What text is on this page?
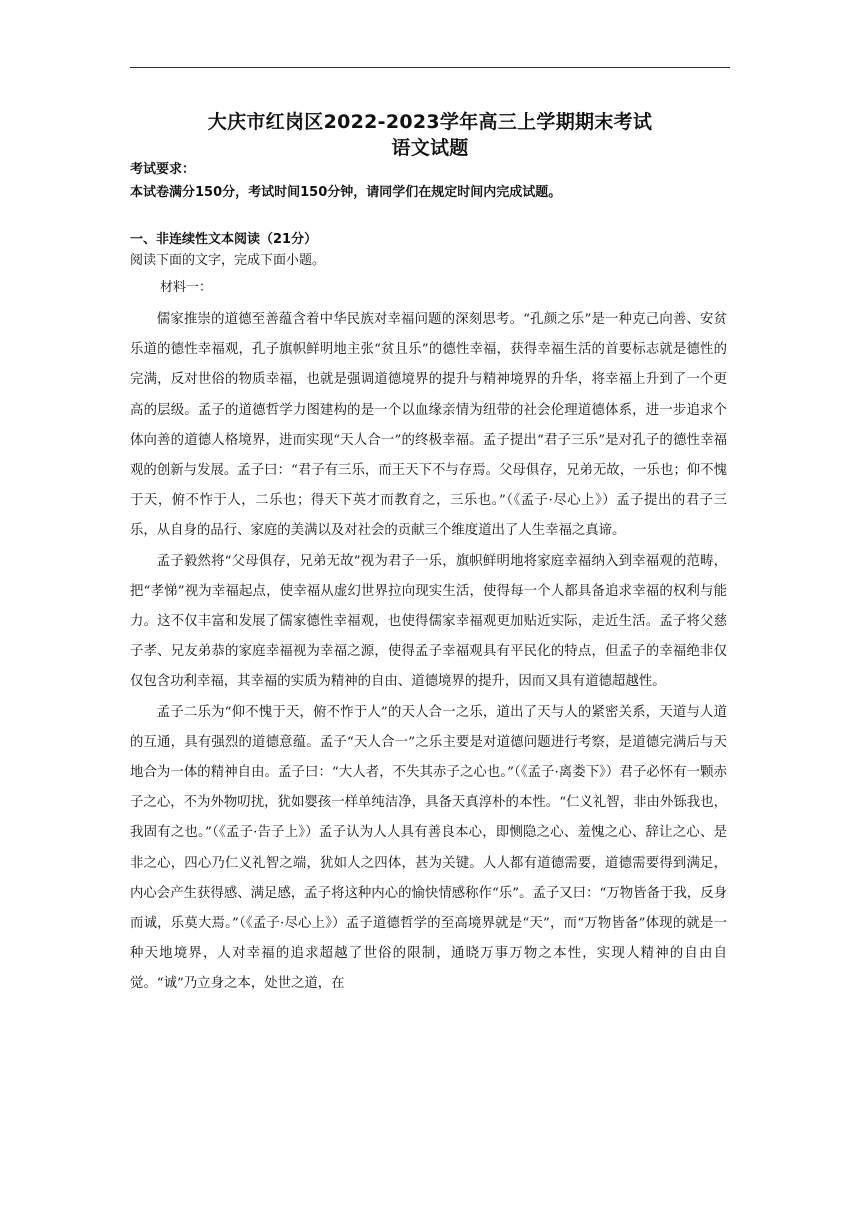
大庆市红岗区2022-2023学年高三上学期期末考试
语文试题

考试要求：

本试卷满分150分，考试时间150分钟，请同学们在规定时间内完成试题。

一、非连续性文本阅读（21分）

阅读下面的文字，完成下面小题。

材料一：

儒家推崇的道德至善蕴含着中华民族对幸福问题的深刻思考。“孔颜之乐”是一种克己向善、安贫乐道的德性幸福观，孔子旗帜鲜明地主张“贫且乐”的德性幸福，获得幸福生活的首要标志就是德性的完满，反对世俗的物质幸福，也就是强调道德境界的提升与精神境界的升华，将幸福上升到了一个更高的层级。孟子的道德哲学力图建构的是一个以血缘亲情为纽带的社会伦理道德体系，进一步追求个体向善的道德人格境界，进而实现“天人合一”的终极幸福。孟子提出“君子三乐”是对孔子的德性幸福观的创新与发展。孟子曰：“君子有三乐，而王天下不与存焉。父母俱存，兄弟无故，一乐也；仰不愧于天，俯不怍于人，二乐也；得天下英才而教育之，三乐也。”（《孟子·尽心上》）孟子提出的君子三乐，从自身的品行、家庭的美满以及对社会的贡献三个维度道出了人生幸福之真谛。

孟子毅然将“父母俱存，兄弟无故”视为君子一乐，旗帜鲜明地将家庭幸福纳入到幸福观的范畴，把“孝悌”视为幸福起点，使幸福从虚幻世界拉向现实生活，使得每一个人都具备追求幸福的权利与能力。这不仅丰富和发展了儒家德性幸福观，也使得儒家幸福观更加贴近实际，走近生活。孟子将父慈子孝、兄友弟恭的家庭幸福视为幸福之源，使得孟子幸福观具有平民化的特点，但孟子的幸福绝非仅仅包含功利幸福，其幸福的实质为精神的自由、道德境界的提升，因而又具有道德超越性。

孟子二乐为“仰不愧于天，俯不怍于人”的天人合一之乐，道出了天与人的紧密关系，天道与人道的互通，具有强烈的道德意蕴。孟子“天人合一”之乐主要是对道德问题进行考察，是道德完满后与天地合为一体的精神自由。孟子曰：“大人者，不失其赤子之心也。”（《孟子·离娄下》）君子必怀有一颗赤子之心，不为外物叨扰，犹如婴孩一样单纯洁净，具备天真淳朴的本性。“仁义礼智，非由外铄我也，我固有之也。”（《孟子·告子上》）孟子认为人人具有善良本心，即恻隐之心、羞愧之心、辞让之心、是非之心，四心乃仁义礼智之端，犹如人之四体，甚为关键。人人都有道德需要，道德需要得到满足，内心会产生获得感、满足感，孟子将这种内心的愉快情感称作“乐”。孟子又曰：“万物皆备于我，反身而诚，乐莫大焉。”（《孟子·尽心上》）孟子道德哲学的至高境界就是“天”，而“万物皆备”体现的就是一种天地境界，人对幸福的追求超越了世俗的限制，通晓万事万物之本性，实现人精神的自由自觉。“诚”乃立身之本，处世之道，在
